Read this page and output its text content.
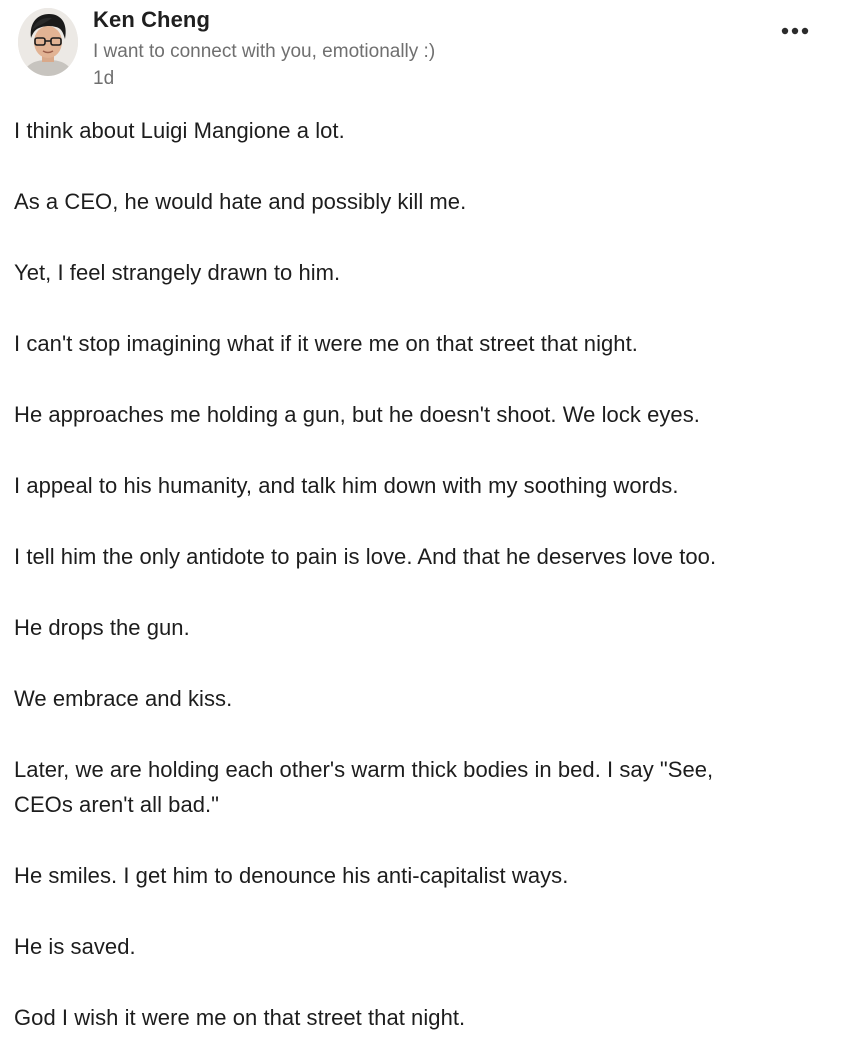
Ken Cheng
I want to connect with you, emotionally :)
1d
I think about Luigi Mangione a lot.
As a CEO, he would hate and possibly kill me.
Yet, I feel strangely drawn to him.
I can't stop imagining what if it were me on that street that night.
He approaches me holding a gun, but he doesn't shoot. We lock eyes.
I appeal to his humanity, and talk him down with my soothing words.
I tell him the only antidote to pain is love. And that he deserves love too.
He drops the gun.
We embrace and kiss.
Later, we are holding each other's warm thick bodies in bed. I say "See,
CEOs aren't all bad."
He smiles. I get him to denounce his anti-capitalist ways.
He is saved.
God I wish it were me on that street that night.
